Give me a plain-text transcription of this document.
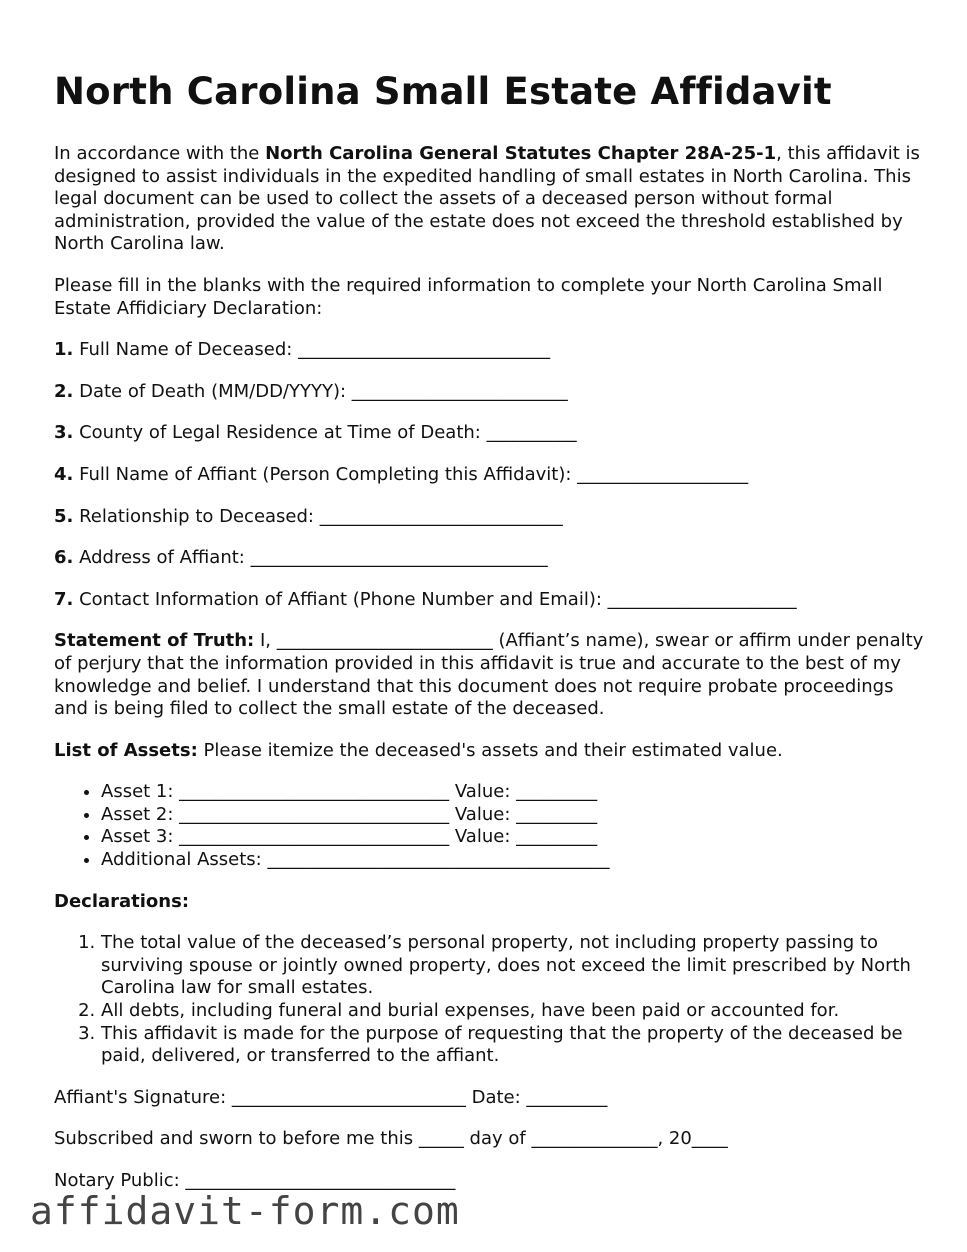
North Carolina Small Estate Affidavit

In accordance with the North Carolina General Statutes Chapter 28A-25-1, this affidavit is designed to assist individuals in the expedited handling of small estates in North Carolina. This legal document can be used to collect the assets of a deceased person without formal administration, provided the value of the estate does not exceed the threshold established by North Carolina law.

Please fill in the blanks with the required information to complete your North Carolina Small Estate Affidiciary Declaration:

1. Full Name of Deceased: ____________________________

2. Date of Death (MM/DD/YYYY): ________________________

3. County of Legal Residence at Time of Death: __________

4. Full Name of Affiant (Person Completing this Affidavit): ___________________

5. Relationship to Deceased: ___________________________

6. Address of Affiant: _________________________________

7. Contact Information of Affiant (Phone Number and Email): _____________________

Statement of Truth: I, ________________________ (Affiant’s name), swear or affirm under penalty of perjury that the information provided in this affidavit is true and accurate to the best of my knowledge and belief. I understand that this document does not require probate proceedings and is being filed to collect the small estate of the deceased.

List of Assets: Please itemize the deceased's assets and their estimated value.

• Asset 1: ______________________________ Value: _________
• Asset 2: ______________________________ Value: _________
• Asset 3: ______________________________ Value: _________
• Additional Assets: ______________________________________

Declarations:

1. The total value of the deceased’s personal property, not including property passing to surviving spouse or jointly owned property, does not exceed the limit prescribed by North Carolina law for small estates.
2. All debts, including funeral and burial expenses, have been paid or accounted for.
3. This affidavit is made for the purpose of requesting that the property of the deceased be paid, delivered, or transferred to the affiant.

Affiant's Signature: __________________________ Date: _________

Subscribed and sworn to before me this _____ day of ______________, 20____

Notary Public: ______________________________

affidavit-form.com
